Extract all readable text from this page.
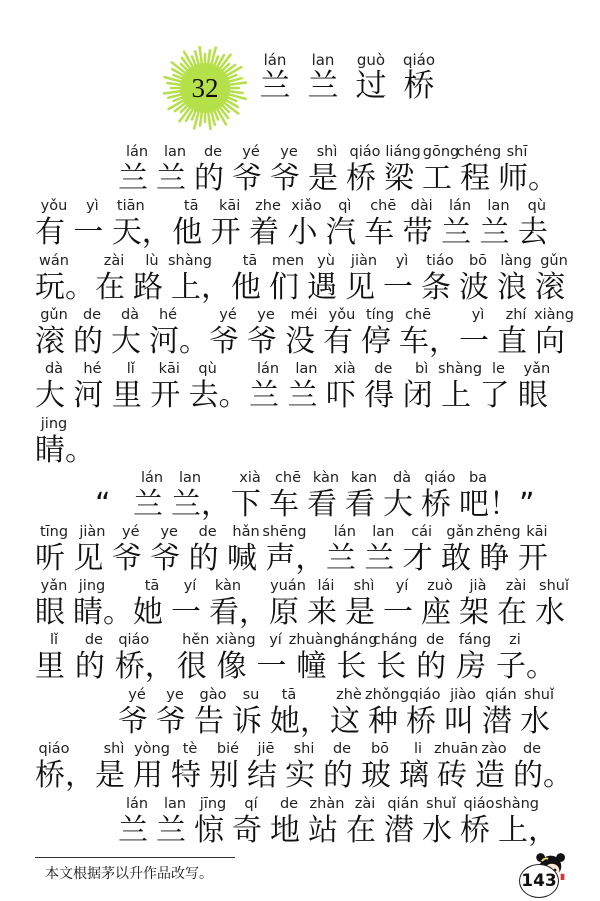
32
lán
兰
lan
兰
guò
过
qiáo
桥
lán
兰
lan
兰
de
的
yé
爷
ye
爷
shì
是
qiáo
桥
liáng
梁
gōng
工
chéng
程
shī
师。
yǒu
有
yì
一
tiān
天，
tā
他
kāi
开
zhe
着
xiǎo
小
qì
汽
chē
车
dài
带
lán
兰
lan
兰
qù
去
wán
玩。
zài
在
lù
路
shàng
上，
tā
他
men
们
yù
遇
jiàn
见
yì
一
tiáo
条
bō
波
làng
浪
gǔn
滚
gǔn
滚
de
的
dà
大
hé
河。
yé
爷
ye
爷
méi
没
yǒu
有
tíng
停
chē
车，
yì
一
zhí
直
xiàng
向
dà
大
hé
河
lǐ
里
kāi
开
qù
去。
lán
兰
lan
兰
xià
吓
de
得
bì
闭
shàng
上
le
了
yǎn
眼
jing
睛。
“
lán
兰
lan
兰，
xià
下
chē
车
kàn
看
kan
看
dà
大
qiáo
桥
ba
吧！”
tīng
听
jiàn
见
yé
爷
ye
爷
de
的
hǎn
喊
shēng
声，
lán
兰
lan
兰
cái
才
gǎn
敢
zhēng
睁
kāi
开
yǎn
眼
jing
睛。
tā
她
yí
一
kàn
看，
yuán
原
lái
来
shì
是
yí
一
zuò
座
jià
架
zài
在
shuǐ
水
lǐ
里
de
的
qiáo
桥，
hěn
很
xiàng
像
yí
一
zhuàng
幢
cháng
长
cháng
长
de
的
fáng
房
zi
子。
yé
爷
ye
爷
gào
告
su
诉
tā
她，
zhè
这
zhǒng
种
qiáo
桥
jiào
叫
qián
潜
shuǐ
水
qiáo
桥，
shì
是
yòng
用
tè
特
bié
别
jiē
结
shi
实
de
的
bō
玻
li
璃
zhuān
砖
zào
造
de
的。
lán
兰
lan
兰
jīng
惊
qí
奇
de
地
zhàn
站
zài
在
qián
潜
shuǐ
水
qiáo
桥
shàng
上，
本文根据茅以升作品改写。	143
